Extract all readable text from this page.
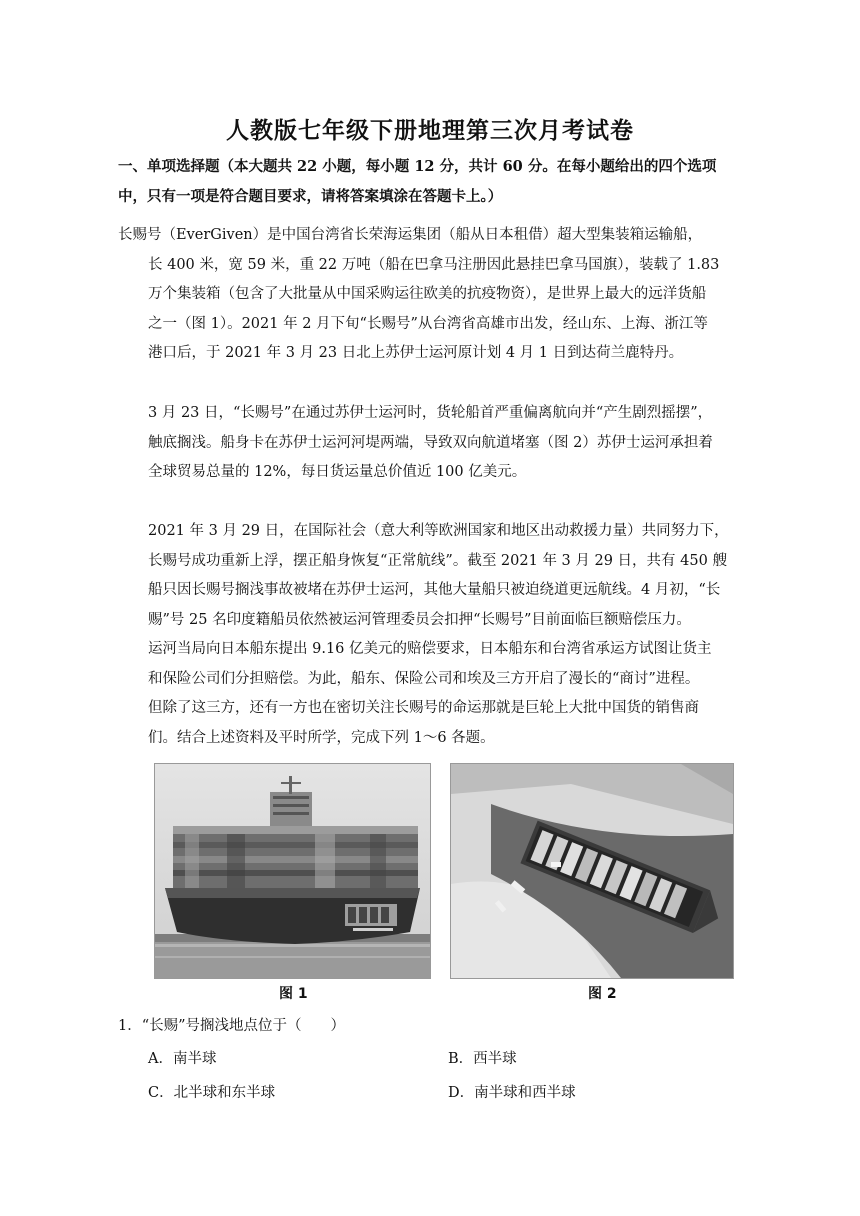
人教版七年级下册地理第三次月考试卷
一、单项选择题（本大题共 22 小题，每小题 12 分，共计 60 分。在每小题给出的四个选项
中，只有一项是符合题目要求，请将答案填涂在答题卡上。）
长赐号（EverGiven）是中国台湾省长荣海运集团（船从日本租借）超大型集装箱运输船，
长 400 米，宽 59 米，重 22 万吨（船在巴拿马注册因此悬挂巴拿马国旗），装载了 1.83
万个集装箱（包含了大批量从中国采购运往欧美的抗疫物资），是世界上最大的远洋货船
之一（图 1）。2021 年 2 月下旬“长赐号”从台湾省高雄市出发，经山东、上海、浙江等
港口后，于 2021 年 3 月 23 日北上苏伊士运河原计划 4 月 1 日到达荷兰鹿特丹。
3 月 23 日，“长赐号”在通过苏伊士运河时，货轮船首严重偏离航向并“产生剧烈摇摆”，
触底搁浅。船身卡在苏伊士运河河堤两端，导致双向航道堵塞（图 2）苏伊士运河承担着
全球贸易总量的 12%，每日货运量总价值近 100 亿美元。
2021 年 3 月 29 日，在国际社会（意大利等欧洲国家和地区出动救援力量）共同努力下，
长赐号成功重新上浮，摆正船身恢复“正常航线”。截至 2021 年 3 月 29 日，共有 450 艘
船只因长赐号搁浅事故被堵在苏伊士运河，其他大量船只被迫绕道更远航线。4 月初，“长
赐”号 25 名印度籍船员依然被运河管理委员会扣押“长赐号”目前面临巨额赔偿压力。
运河当局向日本船东提出 9.16 亿美元的赔偿要求，日本船东和台湾省承运方试图让货主
和保险公司们分担赔偿。为此，船东、保险公司和埃及三方开启了漫长的“商讨”进程。
但除了这三方，还有一方也在密切关注长赐号的命运那就是巨轮上大批中国货的销售商
们。结合上述资料及平时所学，完成下列 1～6 各题。
图 1	图 2
1．“长赐”号搁浅地点位于（　　）
A．南半球	B．西半球
C．北半球和东半球	D．南半球和西半球
